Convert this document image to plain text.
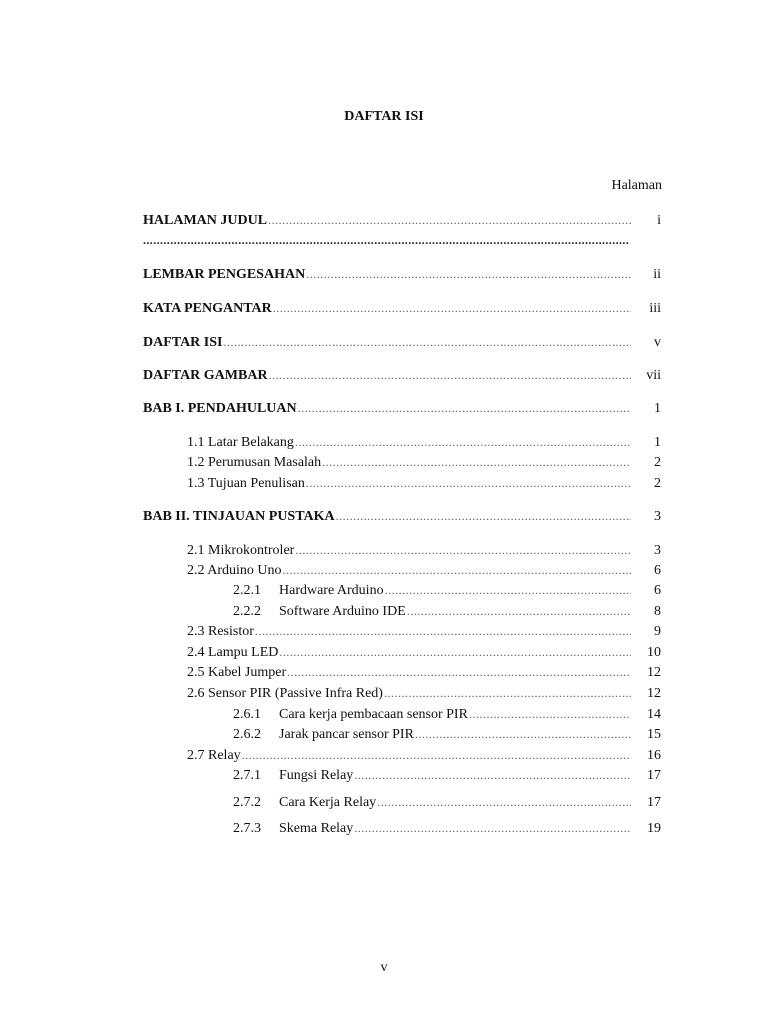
DAFTAR ISI
Halaman
.....
HALAMAN JUDUL .....	i
LEMBAR PENGESAHAN .....	ii
KATA PENGANTAR .....	iii
DAFTAR ISI .....	v
DAFTAR GAMBAR .....	vii
BAB I. PENDAHULUAN .....	1
1.1 Latar Belakang .....	1
1.2 Perumusan Masalah .....	2
1.3 Tujuan Penulisan .....	2
BAB II. TINJAUAN PUSTAKA .....	3
2.1 Mikrokontroler .....	3
2.2 Arduino Uno .....	6
2.2.1	Hardware Arduino .....	6
2.2.2	Software Arduino IDE .....	8
2.3 Resistor .....	9
2.4 Lampu LED .....	10
2.5 Kabel Jumper .....	12
2.6 Sensor PIR (Passive Infra Red) .....	12
2.6.1	Cara kerja pembacaan sensor PIR .....	14
2.6.2	Jarak pancar sensor PIR .....	15
2.7 Relay .....	16
2.7.1	Fungsi Relay .....	17
2.7.2	Cara Kerja Relay .....	17
2.7.3	Skema Relay .....	19
v
